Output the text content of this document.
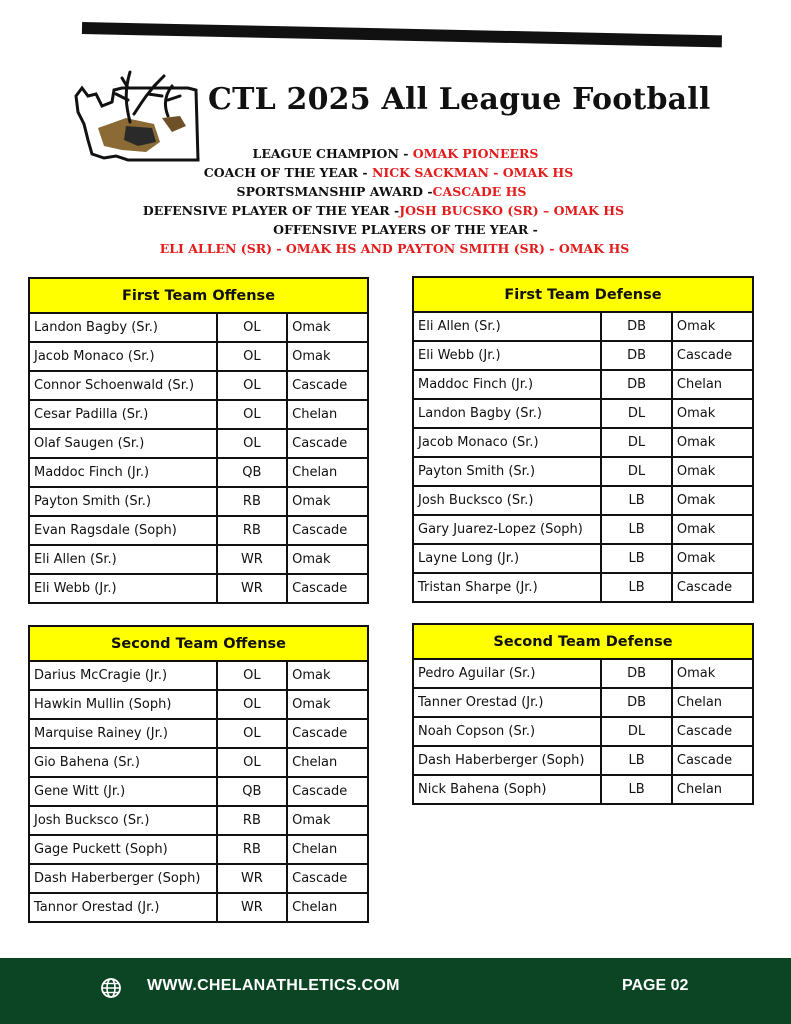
CTL 2025 All League Football
LEAGUE CHAMPION - OMAK PIONEERS
COACH OF THE YEAR - NICK SACKMAN - OMAK HS
SPORTSMANSHIP AWARD -CASCADE HS
DEFENSIVE PLAYER OF THE YEAR -JOSH BUCSKO (SR) – OMAK HS
OFFENSIVE PLAYERS OF THE YEAR -
ELI ALLEN (SR) - OMAK HS AND PAYTON SMITH (SR) - OMAK HS
First Team Offense		
Landon Bagby (Sr.)	OL	Omak
Jacob Monaco (Sr.)	OL	Omak
Connor Schoenwald (Sr.)	OL	Cascade
Cesar Padilla (Sr.)	OL	Chelan
Olaf Saugen (Sr.)	OL	Cascade
Maddoc Finch (Jr.)	QB	Chelan
Payton Smith (Sr.)	RB	Omak
Evan Ragsdale (Soph)	RB	Cascade
Eli Allen (Sr.)	WR	Omak
Eli Webb (Jr.)	WR	Cascade
Second Team Offense		
Darius McCragie (Jr.)	OL	Omak
Hawkin Mullin (Soph)	OL	Omak
Marquise Rainey (Jr.)	OL	Cascade
Gio Bahena (Sr.)	OL	Chelan
Gene Witt (Jr.)	QB	Cascade
Josh Bucksco (Sr.)	RB	Omak
Gage Puckett (Soph)	RB	Chelan
Dash Haberberger (Soph)	WR	Cascade
Tannor Orestad (Jr.)	WR	Chelan
First Team Defense		
Eli Allen (Sr.)	DB	Omak
Eli Webb (Jr.)	DB	Cascade
Maddoc Finch (Jr.)	DB	Chelan
Landon Bagby (Sr.)	DL	Omak
Jacob Monaco (Sr.)	DL	Omak
Payton Smith (Sr.)	DL	Omak
Josh Bucksco (Sr.)	LB	Omak
Gary Juarez-Lopez (Soph)	LB	Omak
Layne Long (Jr.)	LB	Omak
Tristan Sharpe (Jr.)	LB	Cascade
Second Team Defense		
Pedro Aguilar (Sr.)	DB	Omak
Tanner Orestad (Jr.)	DB	Chelan
Noah Copson (Sr.)	DL	Cascade
Dash Haberberger (Soph)	LB	Cascade
Nick Bahena (Soph)	LB	Chelan
WWW.CHELANATHLETICS.COM	PAGE 02
